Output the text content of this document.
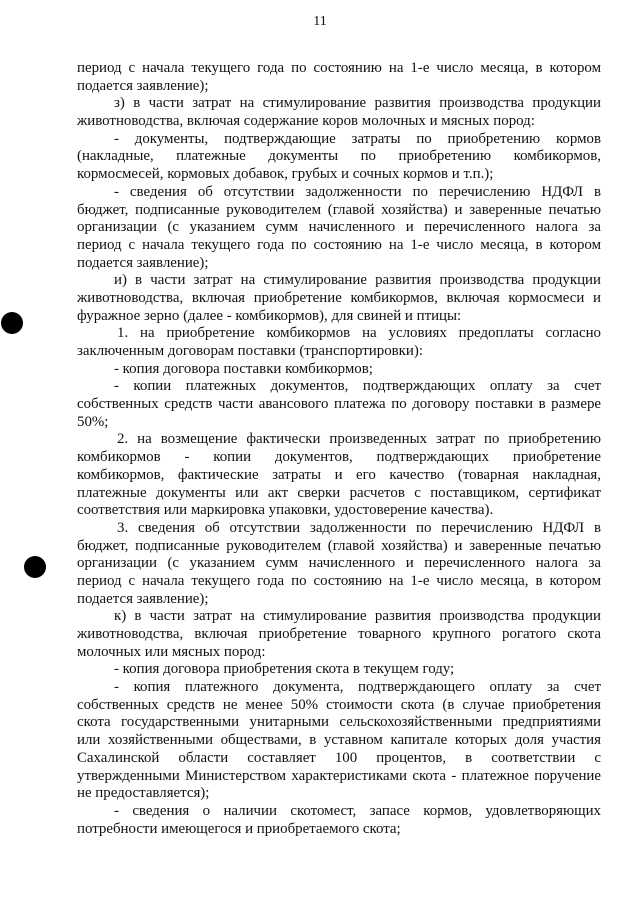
11
период с начала текущего года по состоянию на 1-е число месяца, в котором
подается заявление);
з) в части затрат на стимулирование развития производства продукции
животноводства, включая содержание коров молочных и мясных пород:
- документы, подтверждающие затраты по приобретению кормов
(накладные, платежные документы по приобретению комбикормов,
кормосмесей, кормовых добавок, грубых и сочных кормов и т.п.);
- сведения об отсутствии задолженности по перечислению НДФЛ в
бюджет, подписанные руководителем (главой хозяйства) и заверенные печатью
организации (с указанием сумм начисленного и перечисленного налога за
период с начала текущего года по состоянию на 1-е число месяца, в котором
подается заявление);
и) в части затрат на стимулирование развития производства продукции
животноводства, включая приобретение комбикормов, включая кормосмеси и
фуражное зерно (далее - комбикормов), для свиней и птицы:
1. на приобретение комбикормов на условиях предоплаты согласно
заключенным договорам поставки (транспортировки):
- копия договора поставки комбикормов;
- копии платежных документов, подтверждающих оплату за счет
собственных средств части авансового платежа по договору поставки в размере
50%;
2. на возмещение фактически произведенных затрат по приобретению
комбикормов - копии документов, подтверждающих приобретение
комбикормов, фактические затраты и его качество (товарная накладная,
платежные документы или акт сверки расчетов с поставщиком, сертификат
соответствия или маркировка упаковки, удостоверение качества).
3. сведения об отсутствии задолженности по перечислению НДФЛ в
бюджет, подписанные руководителем (главой хозяйства) и заверенные печатью
организации (с указанием сумм начисленного и перечисленного налога за
период с начала текущего года по состоянию на 1-е число месяца, в котором
подается заявление);
к) в части затрат на стимулирование развития производства продукции
животноводства, включая приобретение товарного крупного рогатого скота
молочных или мясных пород:
- копия договора приобретения скота в текущем году;
- копия платежного документа, подтверждающего оплату за счет
собственных средств не менее 50% стоимости скота (в случае приобретения
скота государственными унитарными сельскохозяйственными предприятиями
или хозяйственными обществами, в уставном капитале которых доля участия
Сахалинской области составляет 100 процентов, в соответствии с
утвержденными Министерством характеристиками скота - платежное поручение
не предоставляется);
- сведения о наличии скотомест, запасе кормов, удовлетворяющих
потребности имеющегося и приобретаемого скота;
